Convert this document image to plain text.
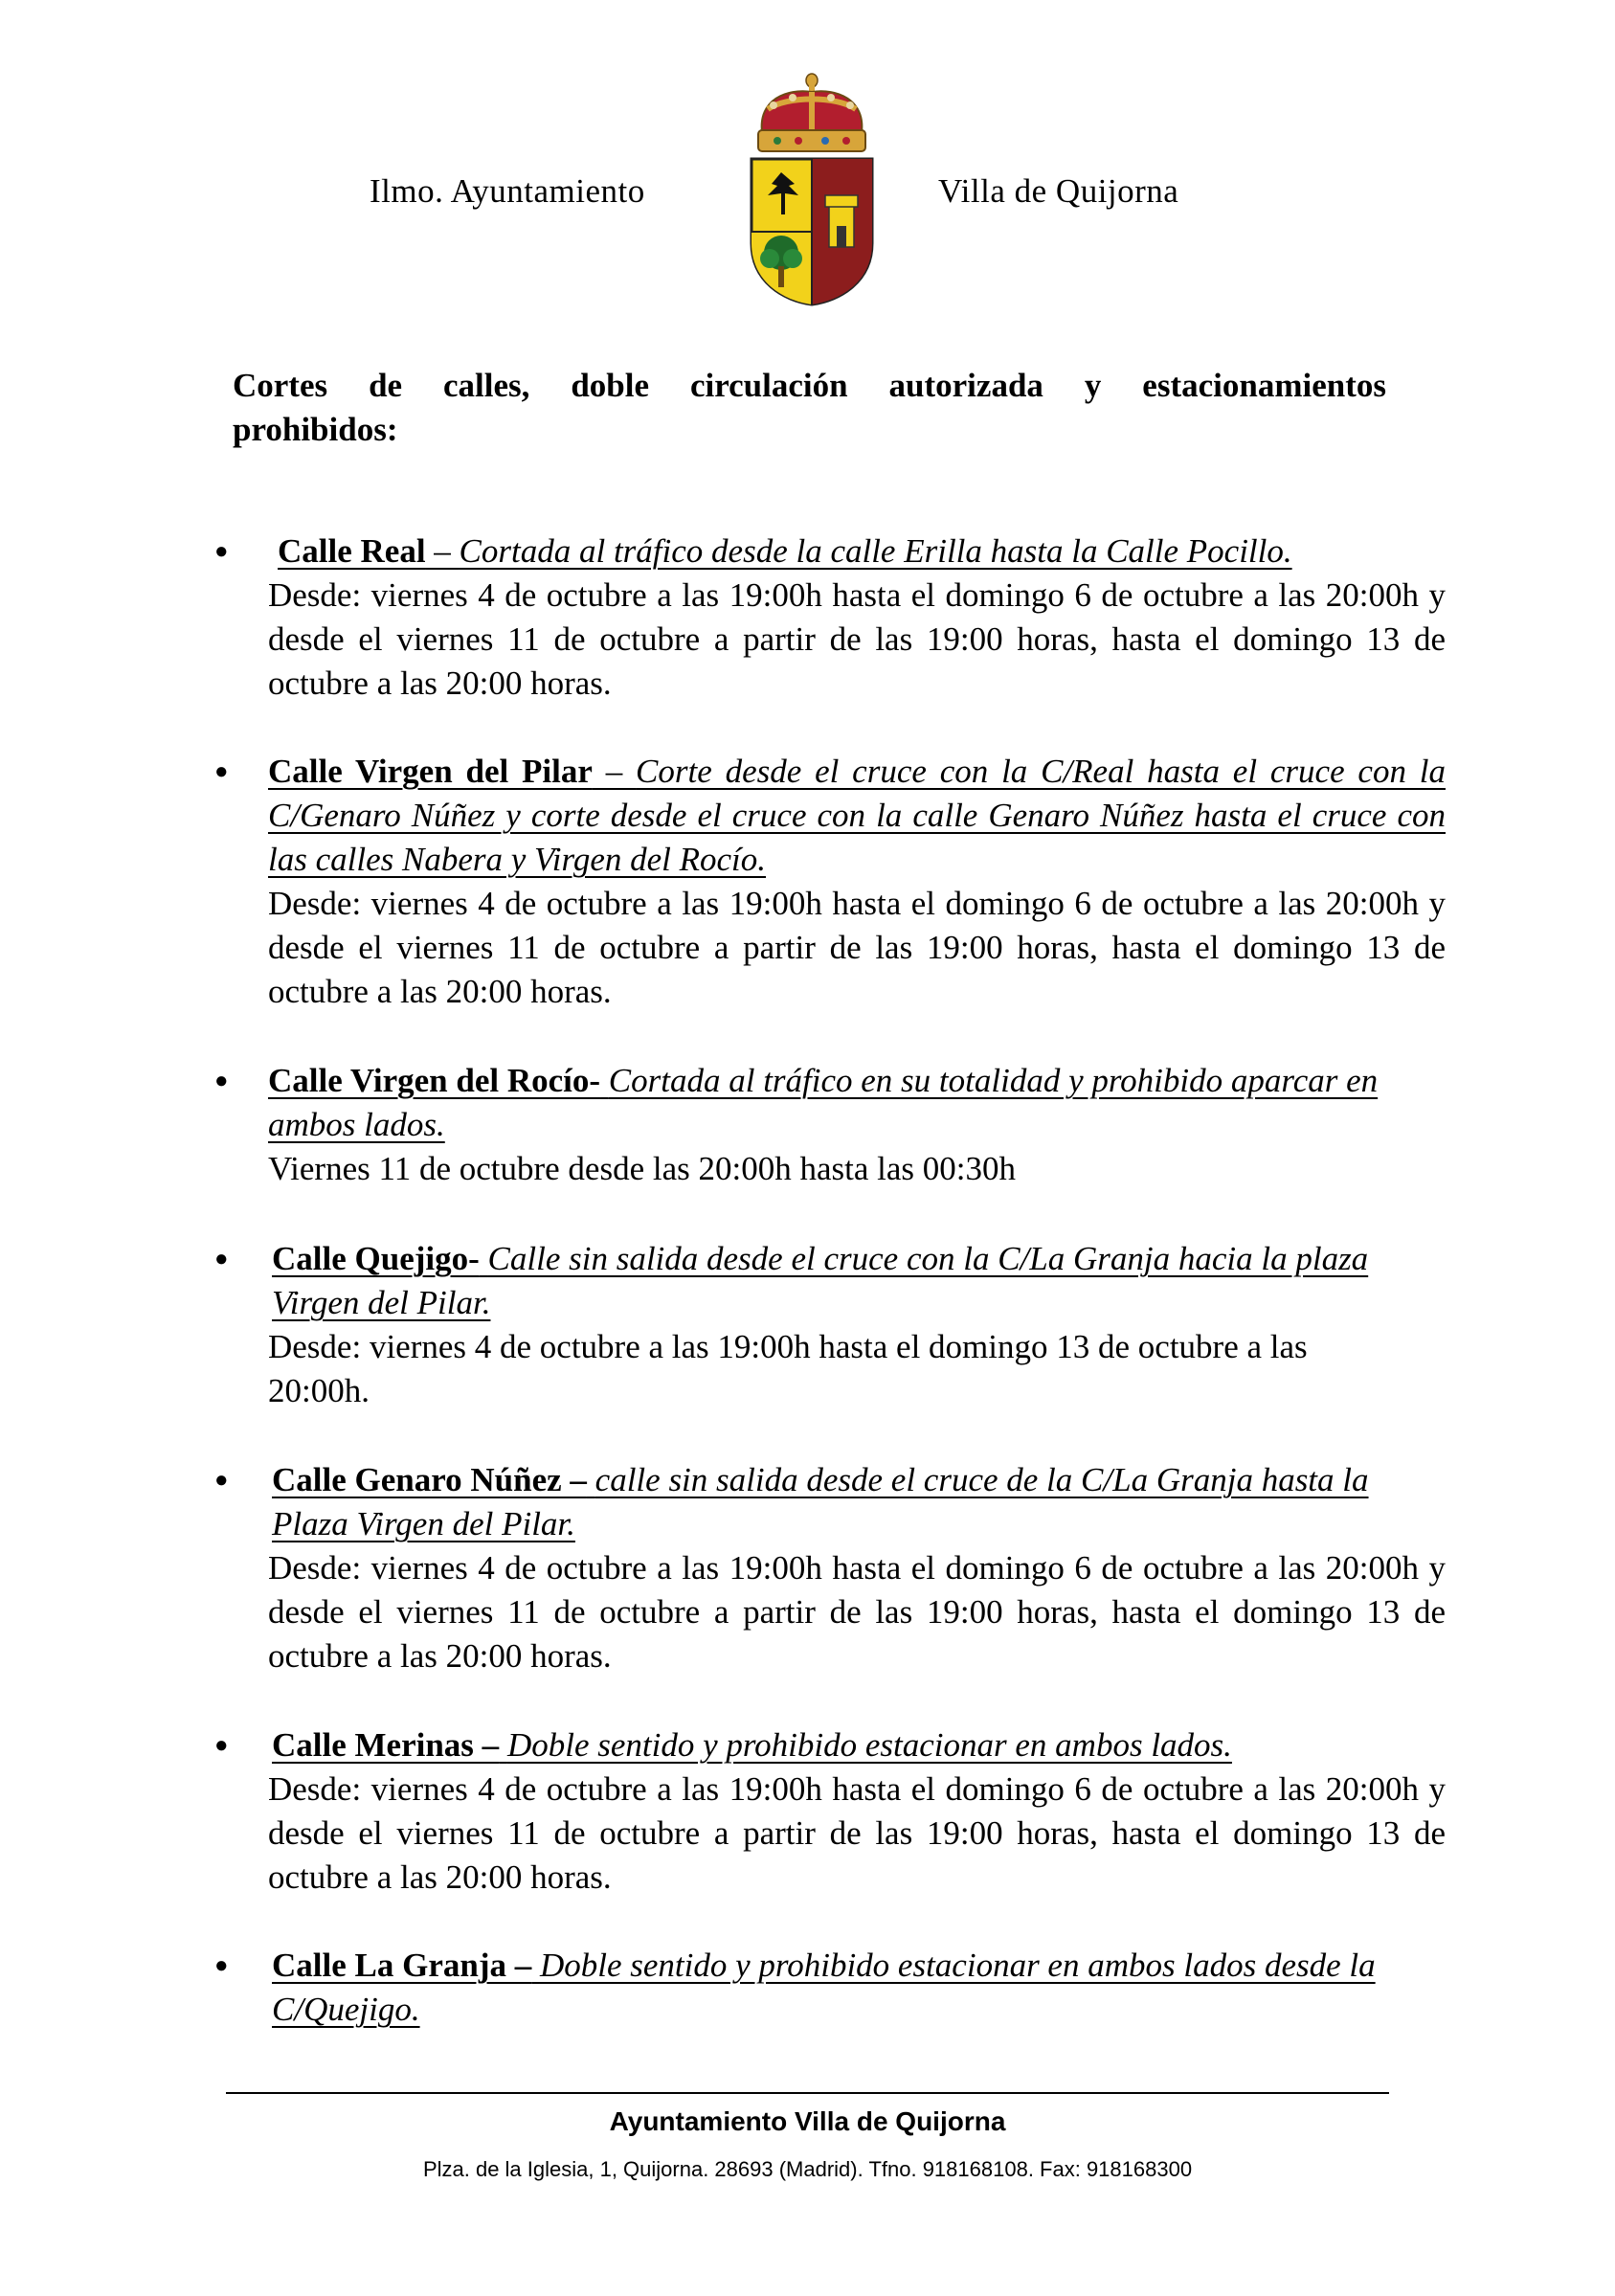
Ilmo. Ayuntamiento	Villa de Quijorna
Cortes de calles, doble circulación autorizada y estacionamientos prohibidos:
● Calle Real – Cortada al tráfico desde la calle Erilla hasta la Calle Pocillo.
Desde: viernes 4 de octubre a las 19:00h hasta el domingo 6 de octubre a las 20:00h y desde el viernes 11 de octubre a partir de las 19:00 horas, hasta el domingo 13 de octubre a las 20:00 horas.
● Calle Virgen del Pilar – Corte desde el cruce con la C/Real hasta el cruce con la C/Genaro Núñez y corte desde el cruce con la calle Genaro Núñez hasta el cruce con las calles Nabera y Virgen del Rocío.
Desde: viernes 4 de octubre a las 19:00h hasta el domingo 6 de octubre a las 20:00h y desde el viernes 11 de octubre a partir de las 19:00 horas, hasta el domingo 13 de octubre a las 20:00 horas.
● Calle Virgen del Rocío- Cortada al tráfico en su totalidad y prohibido aparcar en ambos lados.
Viernes 11 de octubre desde las 20:00h hasta las 00:30h
● Calle Quejigo- Calle sin salida desde el cruce con la C/La Granja hacia la plaza Virgen del Pilar.
Desde: viernes 4 de octubre a las 19:00h hasta el domingo 13 de octubre a las 20:00h.
● Calle Genaro Núñez – calle sin salida desde el cruce de la C/La Granja hasta la Plaza Virgen del Pilar.
Desde: viernes 4 de octubre a las 19:00h hasta el domingo 6 de octubre a las 20:00h y desde el viernes 11 de octubre a partir de las 19:00 horas, hasta el domingo 13 de octubre a las 20:00 horas.
● Calle Merinas – Doble sentido y prohibido estacionar en ambos lados.
Desde: viernes 4 de octubre a las 19:00h hasta el domingo 6 de octubre a las 20:00h y desde el viernes 11 de octubre a partir de las 19:00 horas, hasta el domingo 13 de octubre a las 20:00 horas.
● Calle La Granja – Doble sentido y prohibido estacionar en ambos lados desde la C/Quejigo.
Ayuntamiento Villa de Quijorna
Plza. de la Iglesia, 1, Quijorna. 28693 (Madrid). Tfno. 918168108. Fax: 918168300
